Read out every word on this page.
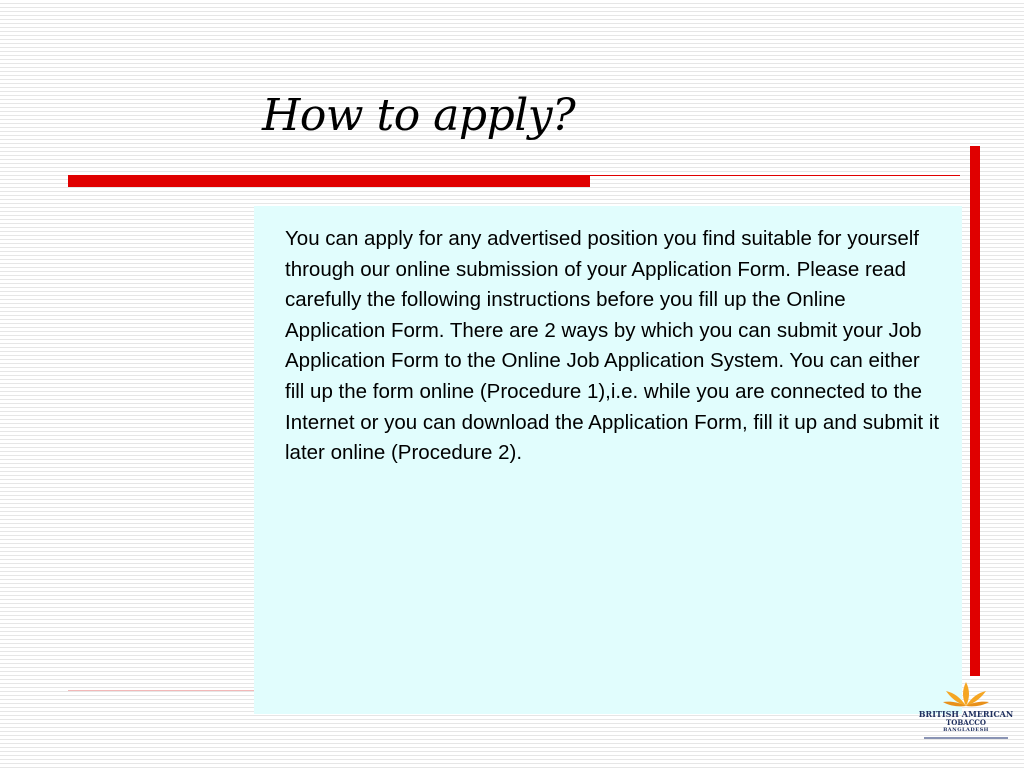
How to apply?

You can apply for any advertised position you find suitable for yourself through our online submission of your Application Form. Please read carefully the following instructions before you fill up the Online Application Form. There are 2 ways by which you can submit your Job Application Form to the Online Job Application System. You can either fill up the form online (Procedure 1),i.e. while you are connected to the Internet or you can download the Application Form, fill it up and submit it later online (Procedure 2).

BRITISH AMERICAN
TOBACCO
BANGLADESH
